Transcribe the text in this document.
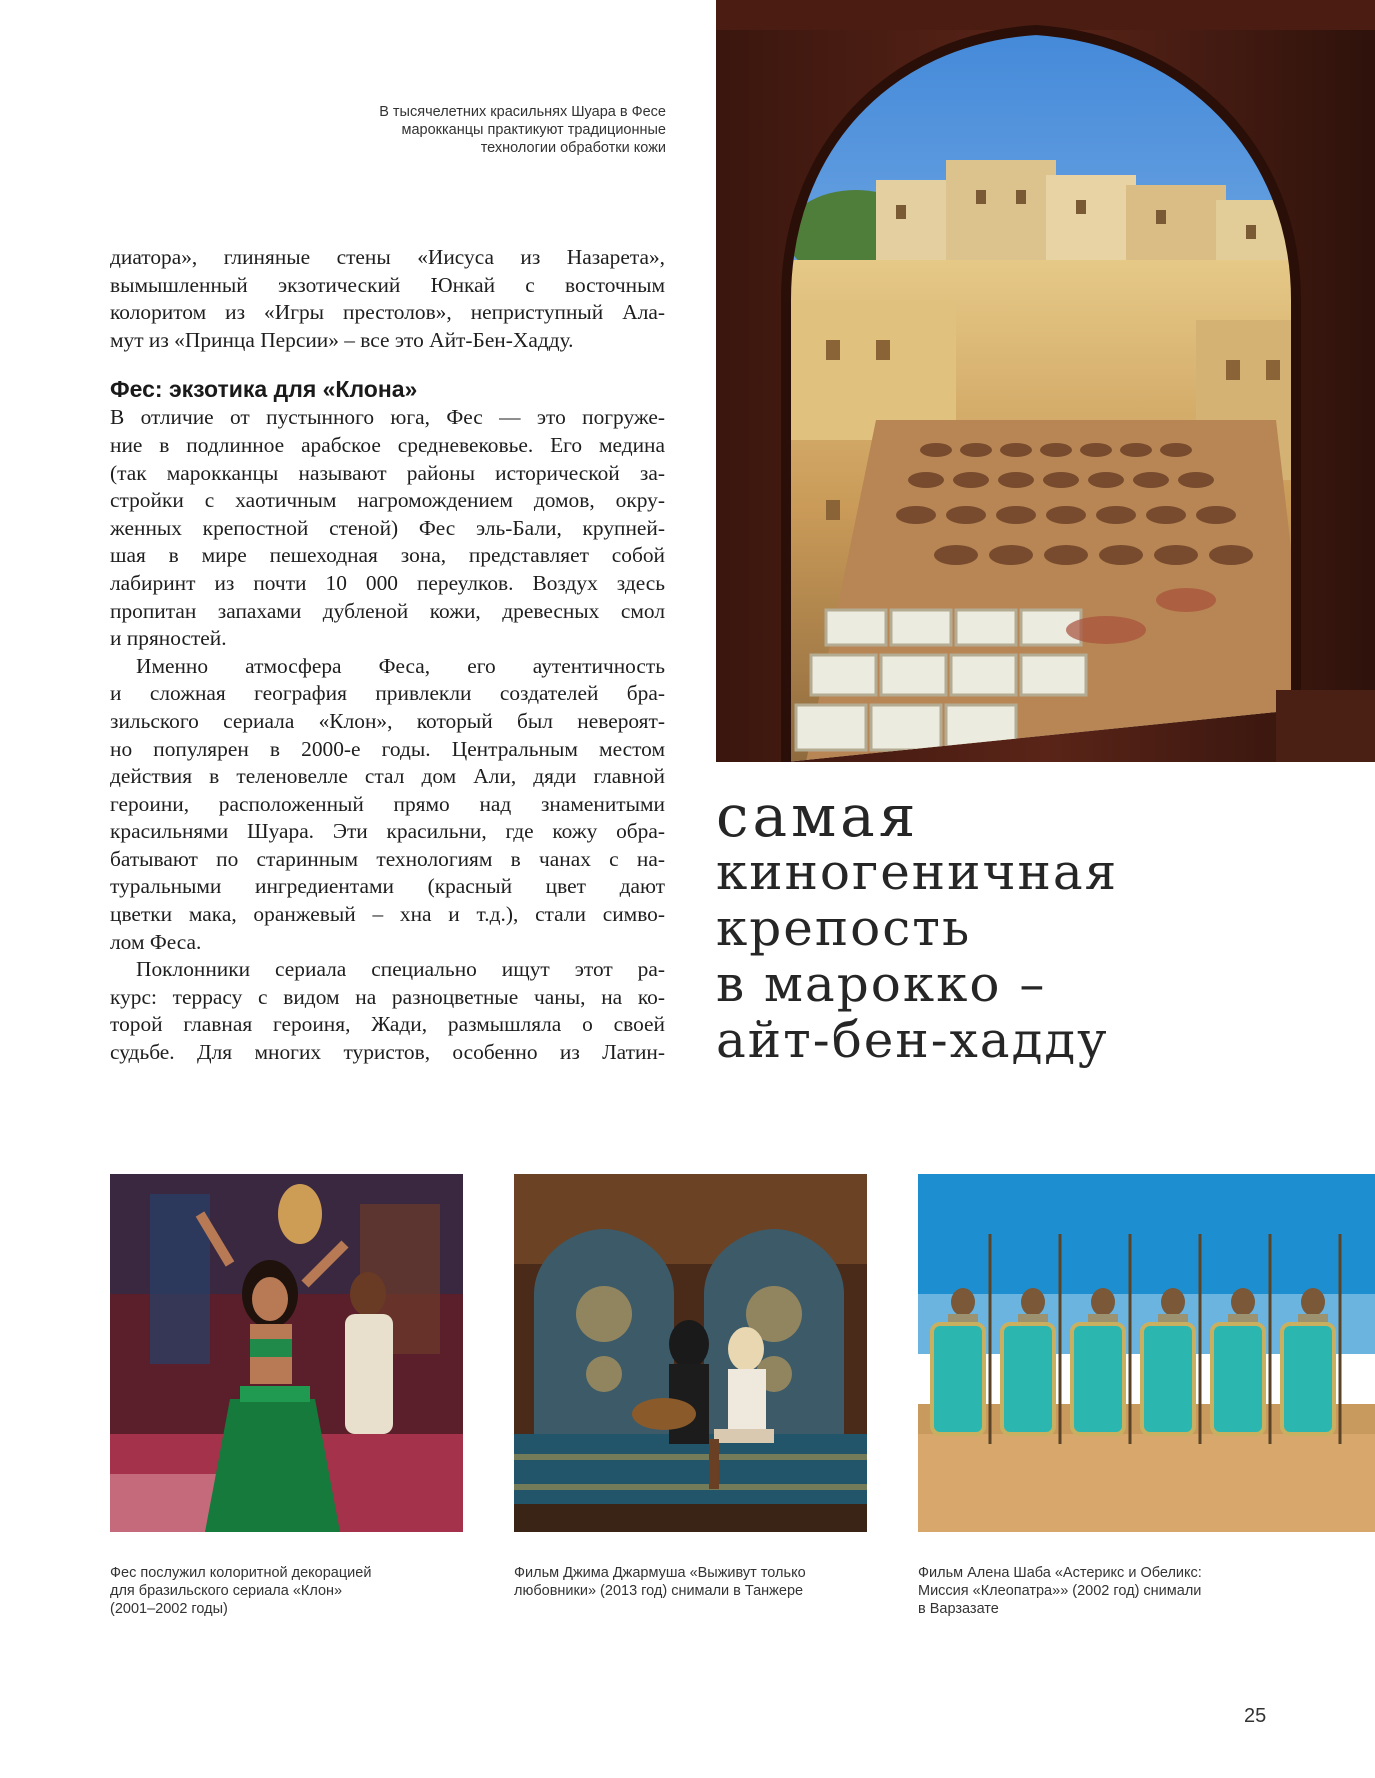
В тысячелетних красильнях Шуара в Фесе
марокканцы практикуют традиционные
технологии обработки кожи
диатора», глиняные стены «Иисуса из Назарета»,
вымышленный экзотический Юнкай с восточным
колоритом из «Игры престолов», неприступный Ала-
мут из «Принца Персии» – все это Айт-Бен-Хадду.
Фес: экзотика для «Клона»
В отличие от пустынного юга, Фес — это погруже-
ние в подлинное арабское средневековье. Его медина
(так марокканцы называют районы исторической за-
стройки с хаотичным нагромождением домов, окру-
женных крепостной стеной) Фес эль-Бали, крупней-
шая в мире пешеходная зона, представляет собой
лабиринт из почти 10 000 переулков. Воздух здесь
пропитан запахами дубленой кожи, древесных смол
и пряностей.
Именно атмосфера Феса, его аутентичность
и сложная география привлекли создателей бра-
зильского сериала «Клон», который был невероят-
но популярен в 2000-е годы. Центральным местом
действия в теленовелле стал дом Али, дяди главной
героини, расположенный прямо над знаменитыми
красильнями Шуара. Эти красильни, где кожу обра-
батывают по старинным технологиям в чанах с на-
туральными ингредиентами (красный цвет дают
цветки мака, оранжевый – хна и т.д.), стали симво-
лом Феса.
Поклонники сериала специально ищут этот ра-
курс: террасу с видом на разноцветные чаны, на ко-
торой главная героиня, Жади, размышляла о своей
судьбе. Для многих туристов, особенно из Латин-
самая
киногеничная
крепость
в марокко –
айт-бен-хадду
Фес послужил колоритной декорацией
для бразильского сериала «Клон»
(2001–2002 годы)
Фильм Джима Джармуша «Выживут только
любовники» (2013 год) снимали в Танжере
Фильм Алена Шаба «Астерикс и Обеликс:
Миссия «Клеопатра»» (2002 год) снимали
в Варзазате
25
